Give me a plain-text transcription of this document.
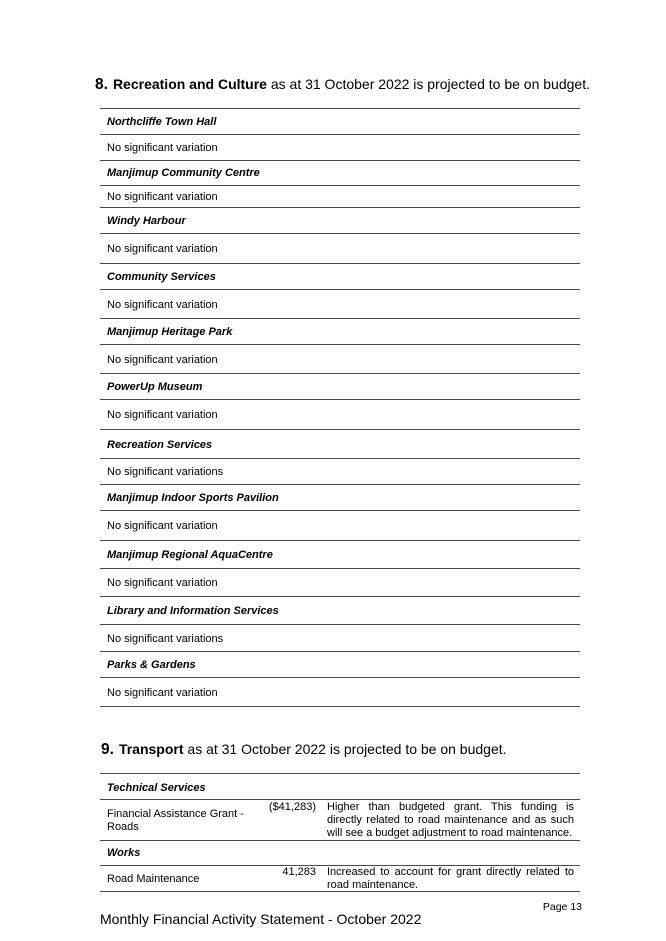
8. Recreation and Culture as at 31 October 2022 is projected to be on budget.
Northcliffe Town Hall
No significant variation
Manjimup Community Centre
No significant variation
Windy Harbour
No significant variation
Community Services
No significant variation
Manjimup Heritage Park
No significant variation
PowerUp Museum
No significant variation
Recreation Services
No significant variations
Manjimup Indoor Sports Pavilion
No significant variation
Manjimup Regional AquaCentre
No significant variation
Library and Information Services
No significant variations
Parks & Gardens
No significant variation
9. Transport as at 31 October 2022 is projected to be on budget.
Technical Services
Financial Assistance Grant - Roads
($41,283) Higher than budgeted grant. This funding is directly related to road maintenance and as such will see a budget adjustment to road maintenance.
Works
Road Maintenance
41,283 Increased to account for grant directly related to road maintenance.
Page 13
Monthly Financial Activity Statement - October 2022
